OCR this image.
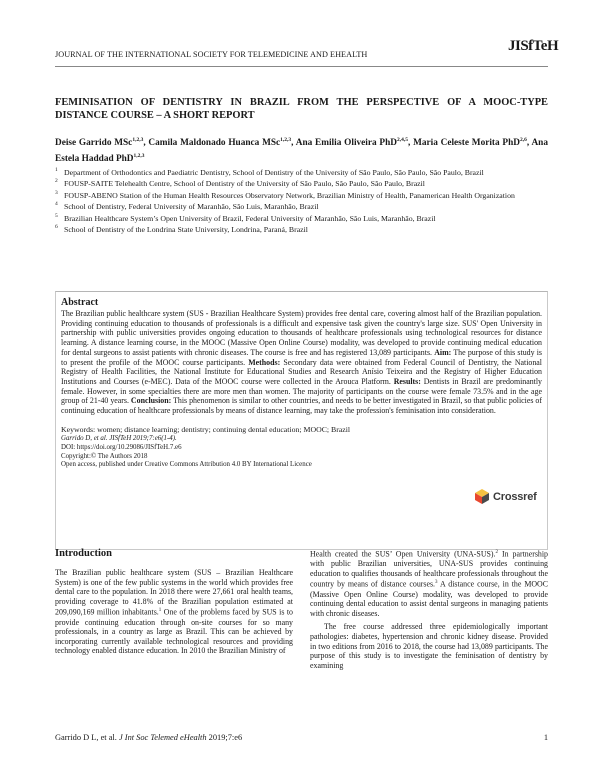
JOURNAL OF THE INTERNATIONAL SOCIETY FOR TELEMEDICINE AND EHEALTH
JISfTeH
FEMINISATION OF DENTISTRY IN BRAZIL FROM THE PERSPECTIVE OF A MOOC-TYPE DISTANCE COURSE – A SHORT REPORT
Deise Garrido MSc$^{1,2,3}$, Camila Maldonado Huanca MSc$^{1,2,3}$, Ana Emilia Oliveira PhD$^{2,4,5}$, Maria Celeste Morita PhD$^{2,6}$, Ana Estela Haddad PhD$^{1,2,3}$
1 Department of Orthodontics and Paediatric Dentistry, School of Dentistry of the University of São Paulo, São Paulo, São Paulo, Brazil
2 FOUSP-SAITE Telehealth Centre, School of Dentistry of the University of São Paulo, São Paulo, São Paulo, Brazil
3 FOUSP-ABENO Station of the Human Health Resources Observatory Network, Brazilian Ministry of Health, Panamerican Health Organization
4 School of Dentistry, Federal University of Maranhão, São Luis, Maranhão, Brazil
5 Brazilian Healthcare System’s Open University of Brazil, Federal University of Maranhão, São Luis, Maranhão, Brazil
6 School of Dentistry of the Londrina State University, Londrina, Paraná, Brazil
Abstract

The Brazilian public healthcare system (SUS - Brazilian Healthcare System) provides free dental care, covering almost half of the Brazilian population. Providing continuing education to thousands of professionals is a difficult and expensive task given the country's large size. SUS' Open University in partnership with public universities provides ongoing education to thousands of healthcare professionals using technological resources for distance learning. A distance learning course, in the MOOC (Massive Open Online Course) modality, was developed to provide continuing medical education for dental surgeons to assist patients with chronic diseases. The course is free and has registered 13,089 participants. Aim: The purpose of this study is to present the profile of the MOOC course participants. Methods: Secondary data were obtained from Federal Council of Dentistry, the National Registry of Health Facilities, the National Institute for Educational Studies and Research Anísio Teixeira and the Registry of Higher Education Institutions and Courses (e-MEC). Data of the MOOC course were collected in the Arouca Platform. Results: Dentists in Brazil are predominantly female. However, in some specialties there are more men than women. The majority of participants on the course were female 73.5% and in the age group of 21-40 years. Conclusion: This phenomenon is similar to other countries, and needs to be better investigated in Brazil, so that public policies of continuing education of healthcare professionals by means of distance learning, may take the profession's feminisation into consideration.

Keywords: women; distance learning; dentistry; continuing dental education; MOOC; Brazil

Garrido D, et al. JISfTeH 2019;7:e6(1-4).
DOI: https://doi.org/10.29086/JISfTeH.7.e6
Copyright:© The Authors 2018
Open access, published under Creative Commons Attribution 4.0 BY International Licence
Crossref
Introduction

The Brazilian public healthcare system (SUS – Brazilian Healthcare System) is one of the few public systems in the world which provides free dental care to the population. In 2018 there were 27,661 oral health teams, providing coverage to 41.8% of the Brazilian population estimated at 209,090,169 million inhabitants.$^1$ One of the problems faced by SUS is to provide continuing education through on-site courses for so many professionals, in a country as large as Brazil. This can be achieved by incorporating currently available technological resources and providing technology enabled distance education. In 2010 the Brazilian Ministry of

Health created the SUS’ Open University (UNA-SUS).$^2$ In partnership with public Brazilian universities, UNA-SUS provides continuing education to qualifies thousands of healthcare professionals throughout the country by means of distance courses.$^3$ A distance course, in the MOOC (Massive Open Online Course) modality, was developed to provide continuing dental education to assist dental surgeons in managing patients with chronic diseases.

The free course addressed three epidemiologically important pathologies: diabetes, hypertension and chronic kidney disease. Provided in two editions from 2016 to 2018, the course had 13,089 participants. The purpose of this study is to investigate the feminisation of dentistry by examining

Garrido D L, et al. J Int Soc Telemed eHealth 2019;7:e6	1
